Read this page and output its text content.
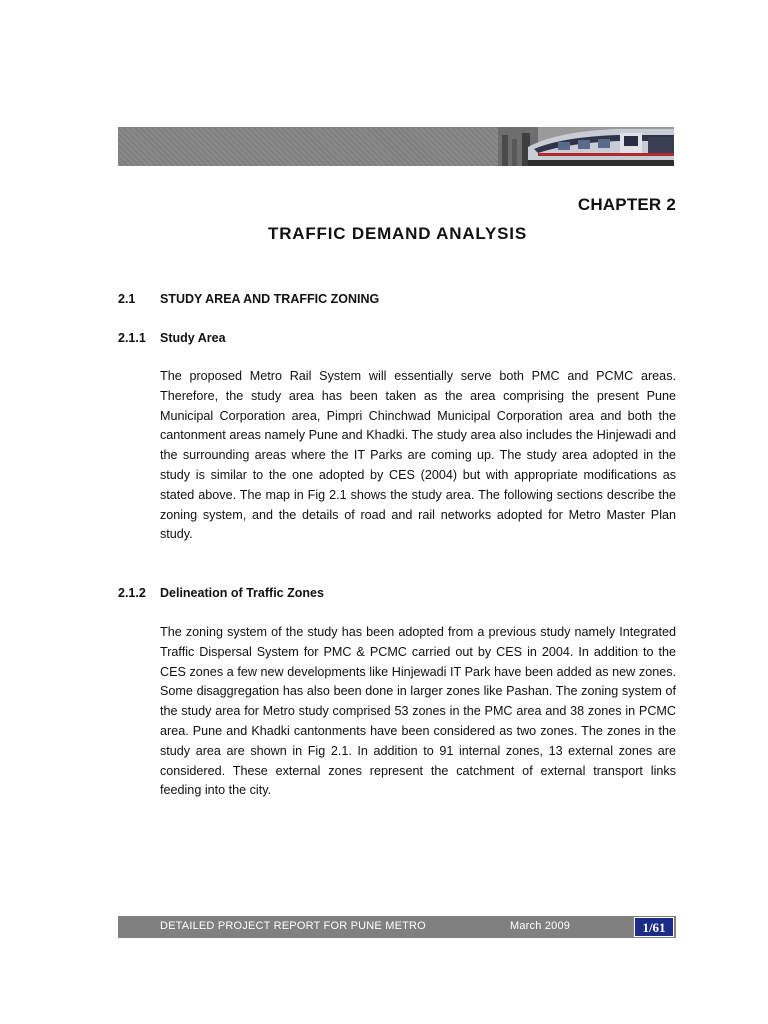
CHAPTER 2
TRAFFIC DEMAND ANALYSIS
2.1 STUDY AREA AND TRAFFIC ZONING
2.1.1 Study Area

The proposed Metro Rail System will essentially serve both PMC and PCMC areas. Therefore, the study area has been taken as the area comprising the present Pune Municipal Corporation area, Pimpri Chinchwad Municipal Corporation area and both the cantonment areas namely Pune and Khadki. The study area also includes the Hinjewadi and the surrounding areas where the IT Parks are coming up. The study area adopted in the study is similar to the one adopted by CES (2004) but with appropriate modifications as stated above. The map in Fig 2.1 shows the study area. The following sections describe the zoning system, and the details of road and rail networks adopted for Metro Master Plan study.

2.1.2 Delineation of Traffic Zones

The zoning system of the study has been adopted from a previous study namely Integrated Traffic Dispersal System for PMC & PCMC carried out by CES in 2004. In addition to the CES zones a few new developments like Hinjewadi IT Park have been added as new zones. Some disaggregation has also been done in larger zones like Pashan. The zoning system of the study area for Metro study comprised 53 zones in the PMC area and 38 zones in PCMC area. Pune and Khadki cantonments have been considered as two zones. The zones in the study area are shown in Fig 2.1. In addition to 91 internal zones, 13 external zones are considered. These external zones represent the catchment of external transport links feeding into the city.

DETAILED PROJECT REPORT FOR PUNE METRO	March 2009	1/61
